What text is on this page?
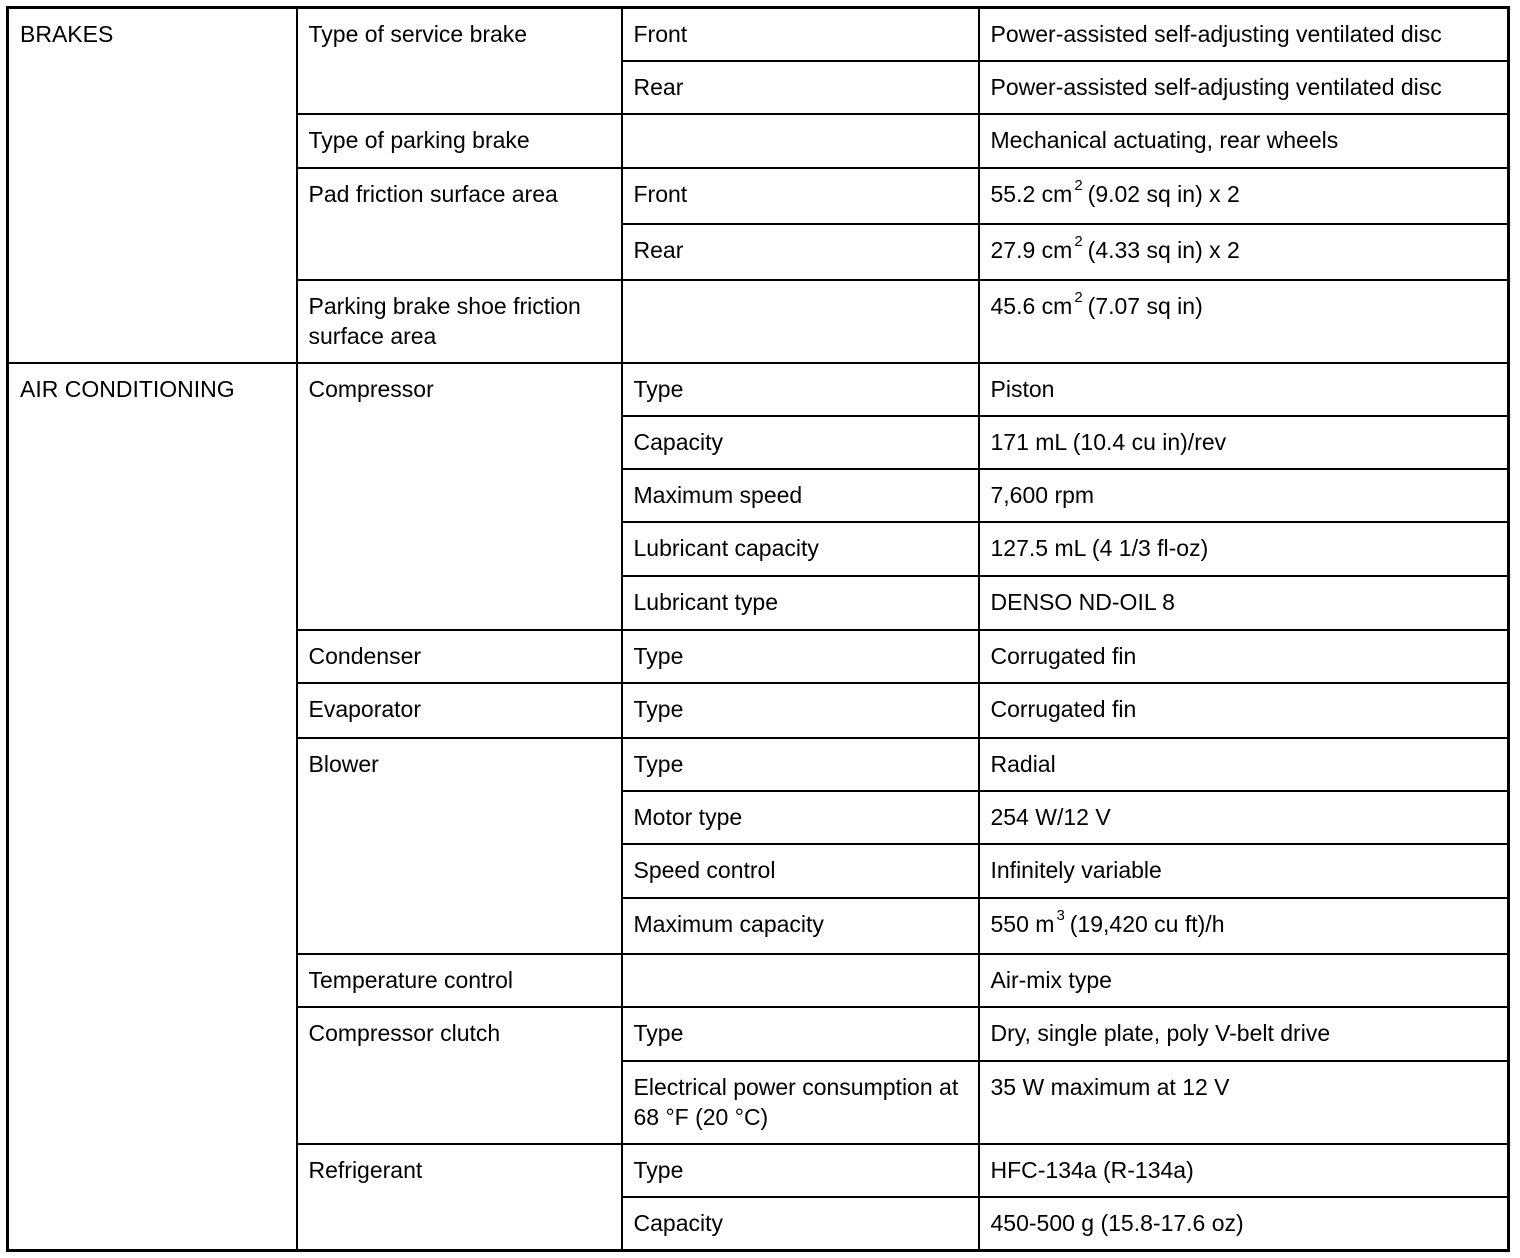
BRAKES	Type of service brake	Front	Power-assisted self-adjusting ventilated disc
		Rear	Power-assisted self-adjusting ventilated disc
	Type of parking brake		Mechanical actuating, rear wheels
	Pad friction surface area	Front	55.2 cm $^2$ (9.02 sq in) x 2
		Rear	27.9 cm $^2$ (4.33 sq in) x 2
	Parking brake shoe friction surface area		45.6 cm $^2$ (7.07 sq in)
AIR CONDITIONING	Compressor	Type	Piston
		Capacity	171 mL (10.4 cu in)/rev
		Maximum speed	7,600 rpm
		Lubricant capacity	127.5 mL (4 1/3 fl-oz)
		Lubricant type	DENSO ND-OIL 8
	Condenser	Type	Corrugated fin
	Evaporator	Type	Corrugated fin
	Blower	Type	Radial
		Motor type	254 W/12 V
		Speed control	Infinitely variable
		Maximum capacity	550 m $^3$ (19,420 cu ft)/h
	Temperature control		Air-mix type
	Compressor clutch	Type	Dry, single plate, poly V-belt drive
		Electrical power consumption at 68 °F (20 °C)	35 W maximum at 12 V
	Refrigerant	Type	HFC-134a (R-134a)
		Capacity	450-500 g (15.8-17.6 oz)
